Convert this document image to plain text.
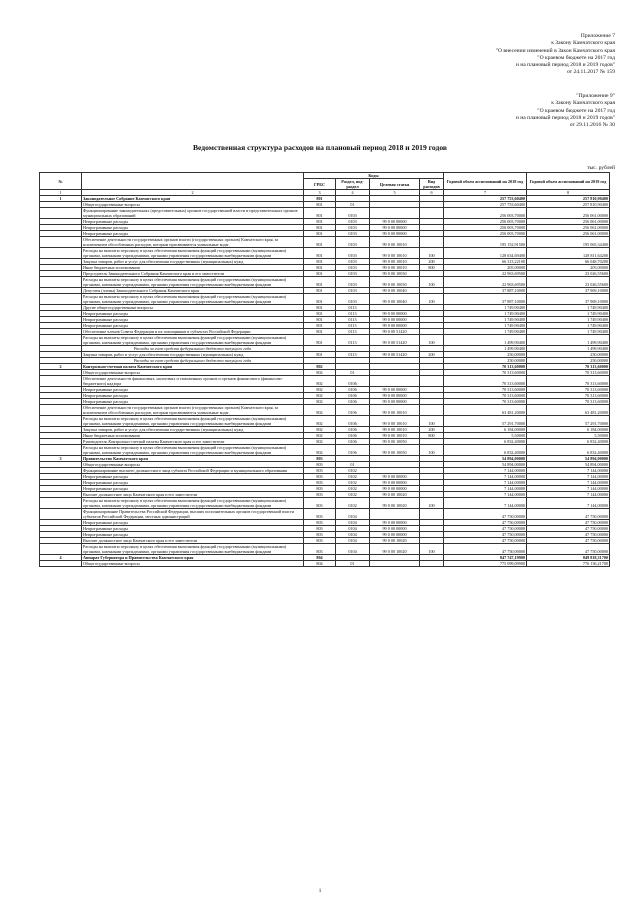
Приложение 7
к Закону Камчатского края
"О внесении изменений в Закон Камчатского края
"О краевом бюджете на 2017 год
и на плановый период 2018 и 2019 годов"
от 24.11.2017 № 159
"Приложение 9"
к Закону Камчатского края
"О краевом бюджете на 2017 год
и на плановый период 2018 и 2019 годов"
от 29.11.2016 № 30
Ведомственная структура расходов на плановый период 2018 и 2019 годов
тыс. рублей
№		Коды				Годовой объем ассигнований на 2018 год	Годовой объем ассигнований на 2019 год
		ГРБС	Раздел, под-раздел	Целевая статья	Вид расходов		
1	2	3	4	5	6	7	8
1	Законодательное Собрание Камчатского края	801				257 753,60400	257 810,90400
	Общегосударственные вопросы	801	01			257 753,60400	257 810,90400
	Функционирование законодательных (представительных) органов государственной власти и представительных органов муниципальных образований	801	0103			256 003,70000	256 061,00000
	Непрограммные расходы	801	0103	99 0 00 00000		256 003,70000	256 061,00000
	Непрограммные расходы	801	0103	99 0 00 00000		256 003,70000	256 061,00000
	Непрограммные расходы	801	0103	99 0 00 00000		256 003,70000	256 061,00000
	Обеспечение деятельности государственных органов власти (государственных органов) Камчатского края, за исключением обособленных расходов, которым присваиваются уникальные коды	801	0103	99 0 00 10010		195 152,91500	195 065,34400
	Расходы на выплаты персоналу в целях обеспечения выполнения функций государственными (муниципальными) органами, казенными учреждениями, органами управления государственными внебюджетными фондами	801	0103	99 0 00 10010	100	128 634,69400	128 811,64200
	Закупка товаров, работ и услуг для обеспечения государственных (муниципальных) нужд	801	0103	99 0 00 10010	200	66 313,22100	66 048,70200
	Иные бюджетные ассигнования	801	0103	99 0 00 10010	800	205,00000	205,00000
	Председатель Законодательного Собрания Камчатского края и его заместители	801	0103	99 0 00 10030		22 963,69500	23 026,55600
	Расходы на выплаты персоналу в целях обеспечения выполнения функций государственными (муниципальными) органами, казенными учреждениями, органами управления государственными внебюджетными фондами	801	0103	99 0 00 10030	100	22 963,69500	23 026,55600
	Депутаты (члены) Законодательного Собрания Камчатского края	801	0103	99 0 00 10040		37 887,10000	37 969,10000
	Расходы на выплаты персоналу в целях обеспечения выполнения функций государственными (муниципальными) органами, казенными учреждениями, органами управления государственными внебюджетными фондами	801	0103	99 0 00 10040	100	37 887,10000	37 969,10000
	Другие общегосударственные вопросы	801	0113			1 749,90400	1 749,90400
	Непрограммные расходы	801	0113	99 0 00 00000		1 749,90400	1 749,90400
	Непрограммные расходы	801	0113	99 0 00 00000		1 749,90400	1 749,90400
	Непрограммные расходы	801	0113	99 0 00 00000		1 749,90400	1 749,90400
	Обеспечение членов Совета Федерации и их помощников в субъектах Российской Федерации	801	0113	99 0 00 51420		1 749,90400	1 749,90400
	Расходы на выплаты персоналу в целях обеспечения выполнения функций государственными (муниципальными) органами, казенными учреждениями, органами управления государственными внебюджетными фондами	801	0113	99 0 00 51420	100	1 499,90400	1 499,90400
	Расходы за счет средств федерального бюджета текущего года					1 499,90400	1 499,90400
	Закупка товаров, работ и услуг для обеспечения государственных (муниципальных) нужд	801	0113	99 0 00 51420	200	250,00000	250,00000
	Расходы за счет средств федерального бюджета текущего года					250,00000	250,00000
2	Контрольно-счетная палата Камчатского края	802				70 313,60000	70 313,60000
	Общегосударственные вопросы	802	01			70 313,60000	70 313,60000
	Обеспечение деятельности финансовых, налоговых и таможенных органов и органов финансового (финансово-бюджетного) надзора	802	0106			70 313,60000	70 313,60000
	Непрограммные расходы	802	0106	99 0 00 00000		70 313,60000	70 313,60000
	Непрограммные расходы	802	0106	99 0 00 00000		70 313,60000	70 313,60000
	Непрограммные расходы	802	0106	99 0 00 00000		70 313,60000	70 313,60000
	Обеспечение деятельности государственных органов власти (государственных органов) Камчатского края, за исключением обособленных расходов, которым присваиваются уникальные коды	802	0106	99 0 00 10010		63 481,20000	63 481,20000
	Расходы на выплаты персоналу в целях обеспечения выполнения функций государственными (муниципальными) органами, казенными учреждениями, органами управления государственными внебюджетными фондами	802	0106	99 0 00 10010	100	57 291,70000	57 291,70000
	Закупка товаров, работ и услуг для обеспечения государственных (муниципальных) нужд	802	0106	99 0 00 10010	200	6 184,00000	6 184,00000
	Иные бюджетные ассигнования	802	0106	99 0 00 10010	800	5,50000	5,50000
	Руководитель Контрольно-счетной палаты Камчатского края и его заместители	802	0106	99 0 00 10050		6 832,40000	6 832,40000
	Расходы на выплаты персоналу в целях обеспечения выполнения функций государственными (муниципальными) органами, казенными учреждениями, органами управления государственными внебюджетными фондами	802	0106	99 0 00 10050	100	6 832,40000	6 832,40000
3	Правительство Камчатского края	803				54 894,00000	54 894,00000
	Общегосударственные вопросы	803	01			54 894,00000	54 894,00000
	Функционирование высшего должностного лица субъекта Российской Федерации и муниципального образования	803	0102			7 144,00000	7 144,00000
	Непрограммные расходы	803	0102	99 0 00 00000		7 144,00000	7 144,00000
	Непрограммные расходы	803	0102	99 0 00 00000		7 144,00000	7 144,00000
	Непрограммные расходы	803	0102	99 0 00 00000		7 144,00000	7 144,00000
	Высшее должностное лицо Камчатского края и его заместители	803	0102	99 0 00 10020		7 144,00000	7 144,00000
	Расходы на выплаты персоналу в целях обеспечения выполнения функций государственными (муниципальными) органами, казенными учреждениями, органами управления государственными внебюджетными фондами	803	0102	99 0 00 10020	100	7 144,00000	7 144,00000
	Функционирование Правительства Российской Федерации, высших исполнительных органов государственной власти субъектов Российской Федерации, местных администраций	803	0104			47 750,00000	47 750,00000
	Непрограммные расходы	803	0104	99 0 00 00000		47 750,00000	47 750,00000
	Непрограммные расходы	803	0104	99 0 00 00000		47 750,00000	47 750,00000
	Непрограммные расходы	803	0104	99 0 00 00000		47 750,00000	47 750,00000
	Высшее должностное лицо Камчатского края и его заместители	803	0104	99 0 00 10020		47 750,00000	47 750,00000
	Расходы на выплаты персоналу в целях обеспечения выполнения функций государственными (муниципальными) органами, казенными учреждениями, органами управления государственными внебюджетными фондами	803	0104	99 0 00 10020	100	47 750,00000	47 750,00000
4	Аппарат Губернатора и Правительства Камчатского края	804				847 747,19900	849 818,31700
	Общегосударственные вопросы	804	01			775 099,09900	776 136,21700
1
